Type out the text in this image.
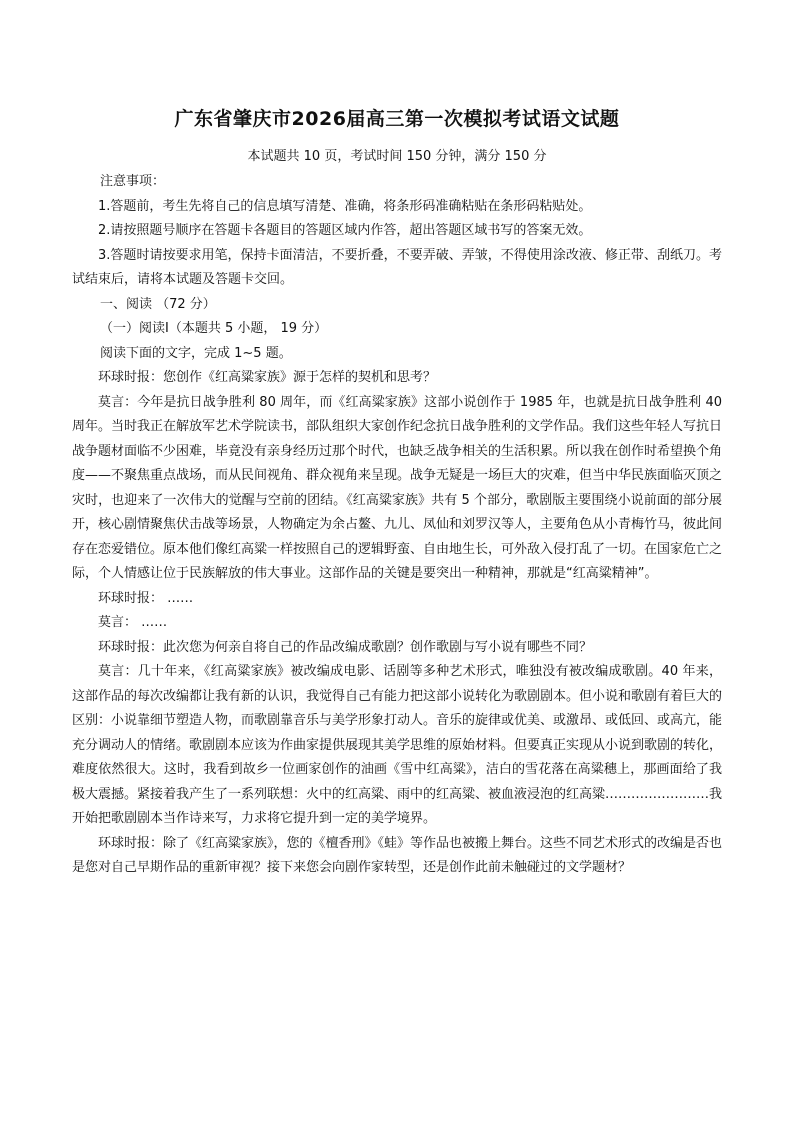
广东省肇庆市2026届高三第一次模拟考试语文试题
本试题共 10 页，考试时间 150 分钟，满分 150 分

注意事项：

1.答题前，考生先将自己的信息填写清楚、准确，将条形码准确粘贴在条形码粘贴处。

2.请按照题号顺序在答题卡各题目的答题区域内作答，超出答题区域书写的答案无效。

3.答题时请按要求用笔，保持卡面清洁，不要折叠，不要弄破、弄皱，不得使用涂改液、修正带、刮纸刀。考试结束后，请将本试题及答题卡交回。

一、阅读 （72 分）

（一）阅读Ⅰ（本题共 5 小题， 19 分）

阅读下面的文字，完成 1~5 题。

环球时报：您创作《红高粱家族》源于怎样的契机和思考？

莫言：今年是抗日战争胜利 80 周年，而《红高粱家族》这部小说创作于 1985 年，也就是抗日战争胜利 40 周年。当时我正在解放军艺术学院读书，部队组织大家创作纪念抗日战争胜利的文学作品。我们这些年轻人写抗日战争题材面临不少困难，毕竟没有亲身经历过那个时代，也缺乏战争相关的生活积累。所以我在创作时希望换个角度——不聚焦重点战场，而从民间视角、群众视角来呈现。战争无疑是一场巨大的灾难，但当中华民族面临灭顶之灾时，也迎来了一次伟大的觉醒与空前的团结。《红高粱家族》共有 5 个部分，歌剧版主要围绕小说前面的部分展开，核心剧情聚焦伏击战等场景，人物确定为余占鳌、九儿、凤仙和刘罗汉等人，主要角色从小青梅竹马，彼此间存在恋爱错位。原本他们像红高粱一样按照自己的逻辑野蛮、自由地生长，可外敌入侵打乱了一切。在国家危亡之际，个人情感让位于民族解放的伟大事业。这部作品的关键是要突出一种精神，那就是“红高粱精神”。

环球时报： ……

莫言： ……

环球时报：此次您为何亲自将自己的作品改编成歌剧？创作歌剧与写小说有哪些不同？

莫言：几十年来，《红高粱家族》被改编成电影、话剧等多种艺术形式，唯独没有被改编成歌剧。40 年来，这部作品的每次改编都让我有新的认识，我觉得自己有能力把这部小说转化为歌剧剧本。但小说和歌剧有着巨大的区别：小说靠细节塑造人物，而歌剧靠音乐与美学形象打动人。音乐的旋律或优美、或激昂、或低回、或高亢，能充分调动人的情绪。歌剧剧本应该为作曲家提供展现其美学思维的原始材料。但要真正实现从小说到歌剧的转化，难度依然很大。这时，我看到故乡一位画家创作的油画《雪中红高粱》，洁白的雪花落在高粱穗上，那画面给了我极大震撼。紧接着我产生了一系列联想：火中的红高粱、雨中的红高粱、被血液浸泡的红高粱……………………我开始把歌剧剧本当作诗来写，力求将它提升到一定的美学境界。

环球时报：除了《红高粱家族》，您的《檀香刑》《蛙》等作品也被搬上舞台。这些不同艺术形式的改编是否也是您对自己早期作品的重新审视？接下来您会向剧作家转型，还是创作此前未触碰过的文学题材？
